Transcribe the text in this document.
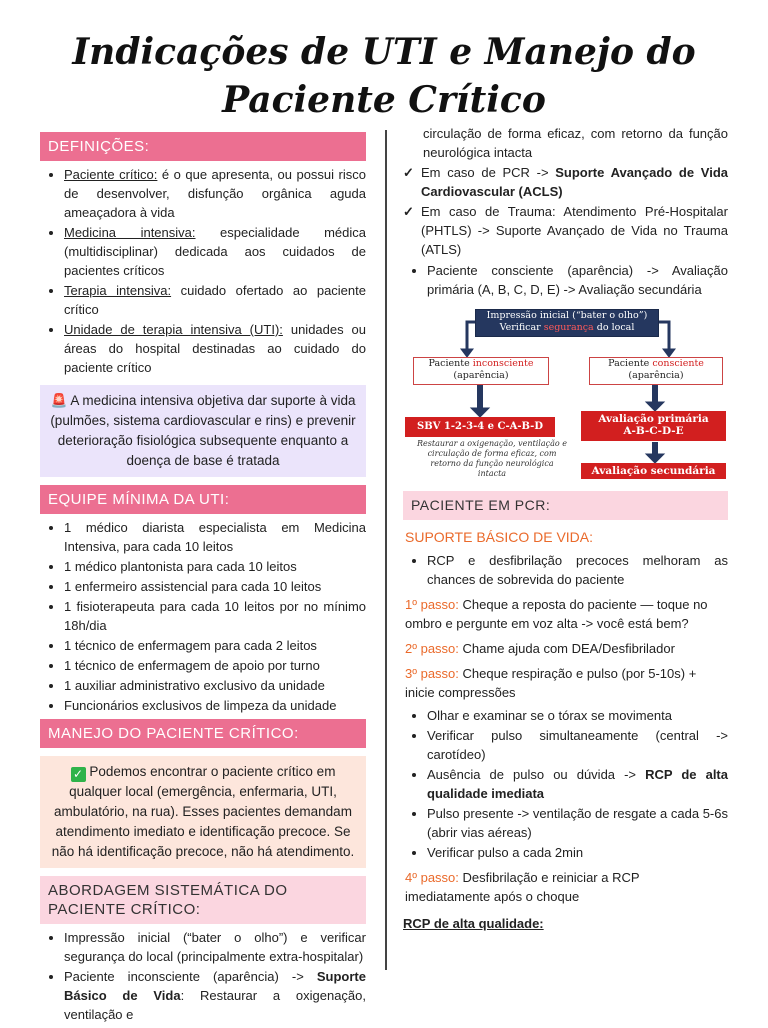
Indicações de UTI e Manejo do
Paciente Crítico
DEFINIÇÕES:
• Paciente crítico: é o que apresenta, ou possui risco de desenvolver, disfunção orgânica aguda ameaçadora à vida
• Medicina intensiva: especialidade médica (multidisciplinar) dedicada aos cuidados de pacientes críticos
• Terapia intensiva: cuidado ofertado ao paciente crítico
• Unidade de terapia intensiva (UTI): unidades ou áreas do hospital destinadas ao cuidado do paciente crítico
🚨 A medicina intensiva objetiva dar suporte à vida (pulmões, sistema cardiovascular e rins) e prevenir deterioração fisiológica subsequente enquanto a doença de base é tratada
EQUIPE MÍNIMA DA UTI:
• 1 médico diarista especialista em Medicina Intensiva, para cada 10 leitos
• 1 médico plantonista para cada 10 leitos
• 1 enfermeiro assistencial para cada 10 leitos
• 1 fisioterapeuta para cada 10 leitos por no mínimo 18h/dia
• 1 técnico de enfermagem para cada 2 leitos
• 1 técnico de enfermagem de apoio por turno
• 1 auxiliar administrativo exclusivo da unidade
• Funcionários exclusivos de limpeza da unidade
MANEJO DO PACIENTE CRÍTICO:
✓ Podemos encontrar o paciente crítico em qualquer local (emergência, enfermaria, UTI, ambulatório, na rua). Esses pacientes demandam atendimento imediato e identificação precoce. Se não há identificação precoce, não há atendimento.
ABORDAGEM SISTEMÁTICA DO PACIENTE CRÍTICO:
• Impressão inicial (“bater o olho”) e verificar segurança do local (principalmente extra-hospitalar)
• Paciente inconsciente (aparência) -> Suporte Básico de Vida: Restaurar a oxigenação, ventilação e
circulação de forma eficaz, com retorno da função neurológica intacta
✓ Em caso de PCR -> Suporte Avançado de Vida Cardiovascular (ACLS)
✓ Em caso de Trauma: Atendimento Pré-Hospitalar (PHTLS) -> Suporte Avançado de Vida no Trauma (ATLS)
• Paciente consciente (aparência) -> Avaliação primária (A, B, C, D, E) -> Avaliação secundária
Impressão inicial (“bater o olho”)
Verificar segurança do local
Paciente inconsciente
(aparência)
Paciente consciente
(aparência)
SBV 1-2-3-4 e C-A-B-D
Restaurar a oxigenação, ventilação e circulação de forma eficaz, com retorno da função neurológica intacta
Avaliação primária
A-B-C-D-E
Avaliação secundária
PACIENTE EM PCR:
SUPORTE BÁSICO DE VIDA:
• RCP e desfibrilação precoces melhoram as chances de sobrevida do paciente
1º passo: Cheque a reposta do paciente — toque no ombro e pergunte em voz alta -> você está bem?
2º passo: Chame ajuda com DEA/Desfibrilador
3º passo: Cheque respiração e pulso (por 5-10s) + inicie compressões
• Olhar e examinar se o tórax se movimenta
• Verificar pulso simultaneamente (central -> carotídeo)
• Ausência de pulso ou dúvida -> RCP de alta qualidade imediata
• Pulso presente -> ventilação de resgate a cada 5-6s (abrir vias aéreas)
• Verificar pulso a cada 2min
4º passo: Desfibrilação e reiniciar a RCP imediatamente após o choque
RCP de alta qualidade:
